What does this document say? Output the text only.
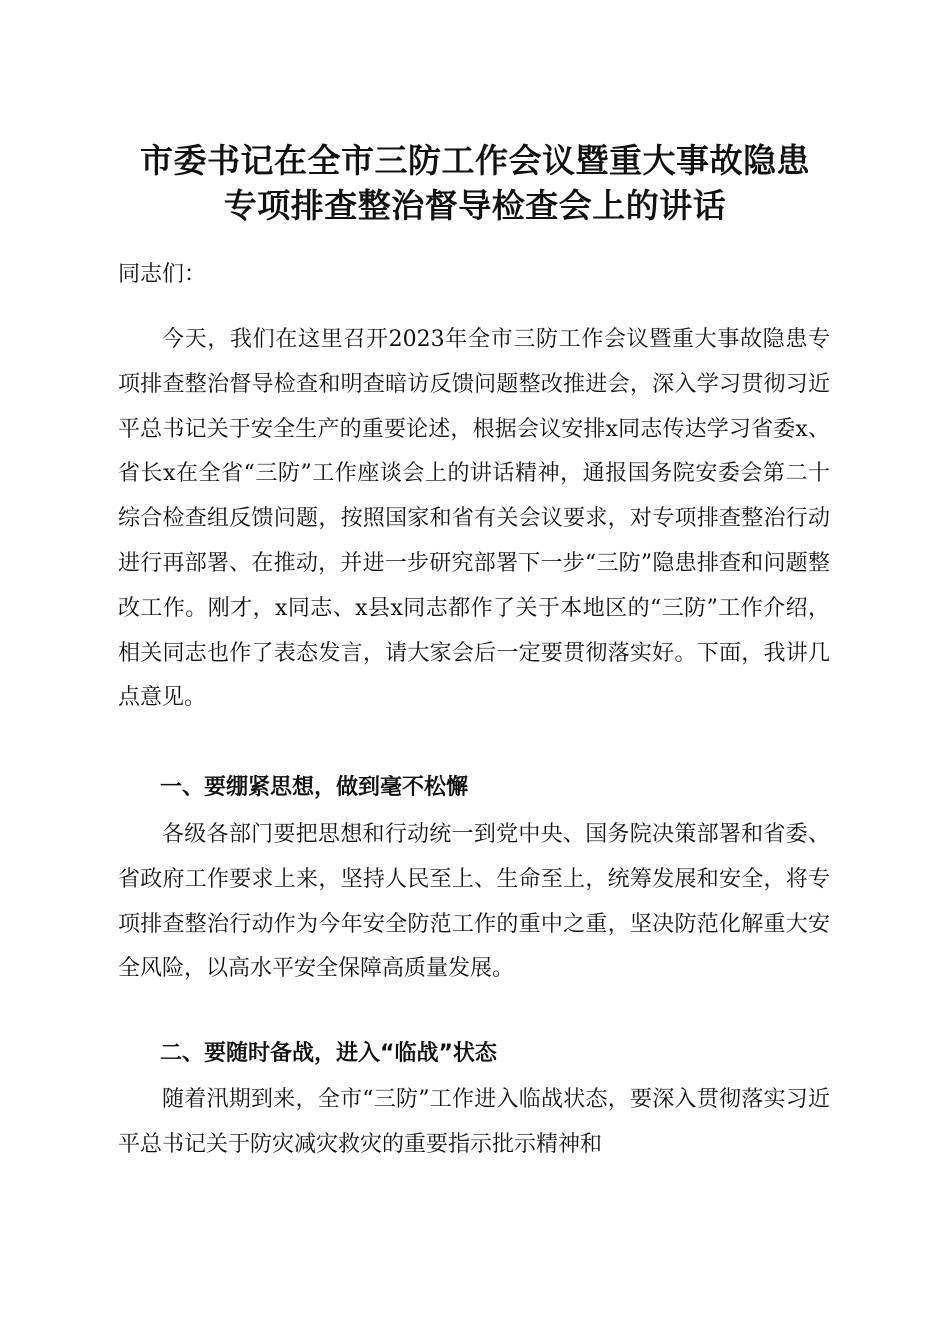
市委书记在全市三防工作会议暨重大事故隐患
专项排查整治督导检查会上的讲话
同志们：
今天，我们在这里召开2023年全市三防工作会议暨重大事故隐患专项排查整治督导检查和明查暗访反馈问题整改推进会，深入学习贯彻习近平总书记关于安全生产的重要论述，根据会议安排x同志传达学习省委x、省长x在全省“三防”工作座谈会上的讲话精神，通报国务院安委会第二十综合检查组反馈问题，按照国家和省有关会议要求，对专项排查整治行动进行再部署、在推动，并进一步研究部署下一步“三防”隐患排查和问题整改工作。刚才，x同志、x县x同志都作了关于本地区的“三防”工作介绍，相关同志也作了表态发言，请大家会后一定要贯彻落实好。下面，我讲几点意见。
一、要绷紧思想，做到毫不松懈
各级各部门要把思想和行动统一到党中央、国务院决策部署和省委、省政府工作要求上来，坚持人民至上、生命至上，统筹发展和安全，将专项排查整治行动作为今年安全防范工作的重中之重，坚决防范化解重大安全风险，以高水平安全保障高质量发展。
二、要随时备战，进入“临战”状态
随着汛期到来，全市“三防”工作进入临战状态，要深入贯彻落实习近平总书记关于防灾减灾救灾的重要指示批示精神和
